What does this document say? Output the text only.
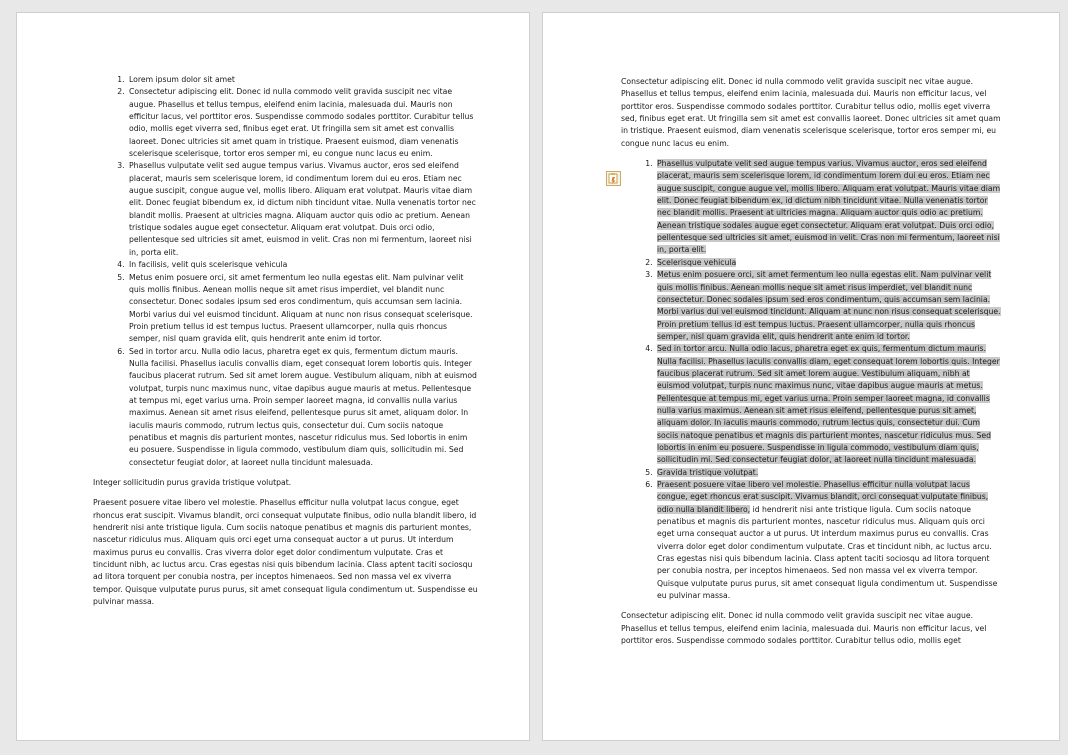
1. Lorem ipsum dolor sit amet
2. Consectetur adipiscing elit. Donec id nulla commodo velit gravida suscipit nec vitae augue. Phasellus et tellus tempus, eleifend enim lacinia, malesuada dui. Mauris non efficitur lacus, vel porttitor eros. Suspendisse commodo sodales porttitor. Curabitur tellus odio, mollis eget viverra sed, finibus eget erat. Ut fringilla sem sit amet est convallis laoreet. Donec ultricies sit amet quam in tristique. Praesent euismod, diam venenatis scelerisque scelerisque, tortor eros semper mi, eu congue nunc lacus eu enim.
3. Phasellus vulputate velit sed augue tempus varius. Vivamus auctor, eros sed eleifend placerat, mauris sem scelerisque lorem, id condimentum lorem dui eu eros. Etiam nec augue suscipit, congue augue vel, mollis libero. Aliquam erat volutpat. Mauris vitae diam elit. Donec feugiat bibendum ex, id dictum nibh tincidunt vitae. Nulla venenatis tortor nec blandit mollis. Praesent at ultricies magna. Aliquam auctor quis odio ac pretium. Aenean tristique sodales augue eget consectetur. Aliquam erat volutpat. Duis orci odio, pellentesque sed ultricies sit amet, euismod in velit. Cras non mi fermentum, laoreet nisi in, porta elit.
4. In facilisis, velit quis scelerisque vehicula
5. Metus enim posuere orci, sit amet fermentum leo nulla egestas elit. Nam pulvinar velit quis mollis finibus. Aenean mollis neque sit amet risus imperdiet, vel blandit nunc consectetur. Donec sodales ipsum sed eros condimentum, quis accumsan sem lacinia. Morbi varius dui vel euismod tincidunt. Aliquam at nunc non risus consequat scelerisque. Proin pretium tellus id est tempus luctus. Praesent ullamcorper, nulla quis rhoncus semper, nisl quam gravida elit, quis hendrerit ante enim id tortor.
6. Sed in tortor arcu. Nulla odio lacus, pharetra eget ex quis, fermentum dictum mauris. Nulla facilisi. Phasellus iaculis convallis diam, eget consequat lorem lobortis quis. Integer faucibus placerat rutrum. Sed sit amet lorem augue. Vestibulum aliquam, nibh at euismod volutpat, turpis nunc maximus nunc, vitae dapibus augue mauris at metus. Pellentesque at tempus mi, eget varius urna. Proin semper laoreet magna, id convallis nulla varius maximus. Aenean sit amet risus eleifend, pellentesque purus sit amet, aliquam dolor. In iaculis mauris commodo, rutrum lectus quis, consectetur dui. Cum sociis natoque penatibus et magnis dis parturient montes, nascetur ridiculus mus. Sed lobortis in enim eu posuere. Suspendisse in ligula commodo, vestibulum diam quis, sollicitudin mi. Sed consectetur feugiat dolor, at laoreet nulla tincidunt malesuada.

Integer sollicitudin purus gravida tristique volutpat.

Praesent posuere vitae libero vel molestie. Phasellus efficitur nulla volutpat lacus congue, eget rhoncus erat suscipit. Vivamus blandit, orci consequat vulputate finibus, odio nulla blandit libero, id hendrerit nisi ante tristique ligula. Cum sociis natoque penatibus et magnis dis parturient montes, nascetur ridiculus mus. Aliquam quis orci eget urna consequat auctor a ut purus. Ut interdum maximus purus eu convallis. Cras viverra dolor eget dolor condimentum vulputate. Cras et tincidunt nibh, ac luctus arcu. Cras egestas nisi quis bibendum lacinia. Class aptent taciti sociosqu ad litora torquent per conubia nostra, per inceptos himenaeos. Sed non massa vel ex viverra tempor. Quisque vulputate purus purus, sit amet consequat ligula condimentum ut. Suspendisse eu pulvinar massa.

Consectetur adipiscing elit. Donec id nulla commodo velit gravida suscipit nec vitae augue. Phasellus et tellus tempus, eleifend enim lacinia, malesuada dui. Mauris non efficitur lacus, vel porttitor eros. Suspendisse commodo sodales porttitor. Curabitur tellus odio, mollis eget viverra sed, finibus eget erat. Ut fringilla sem sit amet est convallis laoreet. Donec ultricies sit amet quam in tristique. Praesent euismod, diam venenatis scelerisque scelerisque, tortor eros semper mi, eu congue nunc lacus eu enim.

1. Phasellus vulputate velit sed augue tempus varius. Vivamus auctor, eros sed eleifend placerat, mauris sem scelerisque lorem, id condimentum lorem dui eu eros. Etiam nec augue suscipit, congue augue vel, mollis libero. Aliquam erat volutpat. Mauris vitae diam elit. Donec feugiat bibendum ex, id dictum nibh tincidunt vitae. Nulla venenatis tortor nec blandit mollis. Praesent at ultricies magna. Aliquam auctor quis odio ac pretium. Aenean tristique sodales augue eget consectetur. Aliquam erat volutpat. Duis orci odio, pellentesque sed ultricies sit amet, euismod in velit. Cras non mi fermentum, laoreet nisi in, porta elit.
2. Scelerisque vehicula
3. Metus enim posuere orci, sit amet fermentum leo nulla egestas elit. Nam pulvinar velit quis mollis finibus. Aenean mollis neque sit amet risus imperdiet, vel blandit nunc consectetur. Donec sodales ipsum sed eros condimentum, quis accumsan sem lacinia. Morbi varius dui vel euismod tincidunt. Aliquam at nunc non risus consequat scelerisque. Proin pretium tellus id est tempus luctus. Praesent ullamcorper, nulla quis rhoncus semper, nisl quam gravida elit, quis hendrerit ante enim id tortor.
4. Sed in tortor arcu. Nulla odio lacus, pharetra eget ex quis, fermentum dictum mauris. Nulla facilisi. Phasellus iaculis convallis diam, eget consequat lorem lobortis quis. Integer faucibus placerat rutrum. Sed sit amet lorem augue. Vestibulum aliquam, nibh at euismod volutpat, turpis nunc maximus nunc, vitae dapibus augue mauris at metus. Pellentesque at tempus mi, eget varius urna. Proin semper laoreet magna, id convallis nulla varius maximus. Aenean sit amet risus eleifend, pellentesque purus sit amet, aliquam dolor. In iaculis mauris commodo, rutrum lectus quis, consectetur dui. Cum sociis natoque penatibus et magnis dis parturient montes, nascetur ridiculus mus. Sed lobortis in enim eu posuere. Suspendisse in ligula commodo, vestibulum diam quis, sollicitudin mi. Sed consectetur feugiat dolor, at laoreet nulla tincidunt malesuada.
5. Gravida tristique volutpat.
6. Praesent posuere vitae libero vel molestie. Phasellus efficitur nulla volutpat lacus congue, eget rhoncus erat suscipit. Vivamus blandit, orci consequat vulputate finibus, odio nulla blandit libero, id hendrerit nisi ante tristique ligula. Cum sociis natoque penatibus et magnis dis parturient montes, nascetur ridiculus mus. Aliquam quis orci eget urna consequat auctor a ut purus. Ut interdum maximus purus eu convallis. Cras viverra dolor eget dolor condimentum vulputate. Cras et tincidunt nibh, ac luctus arcu. Cras egestas nisi quis bibendum lacinia. Class aptent taciti sociosqu ad litora torquent per conubia nostra, per inceptos himenaeos. Sed non massa vel ex viverra tempor. Quisque vulputate purus purus, sit amet consequat ligula condimentum ut. Suspendisse eu pulvinar massa.

Consectetur adipiscing elit. Donec id nulla commodo velit gravida suscipit nec vitae augue. Phasellus et tellus tempus, eleifend enim lacinia, malesuada dui. Mauris non efficitur lacus, vel porttitor eros. Suspendisse commodo sodales porttitor. Curabitur tellus odio, mollis eget
